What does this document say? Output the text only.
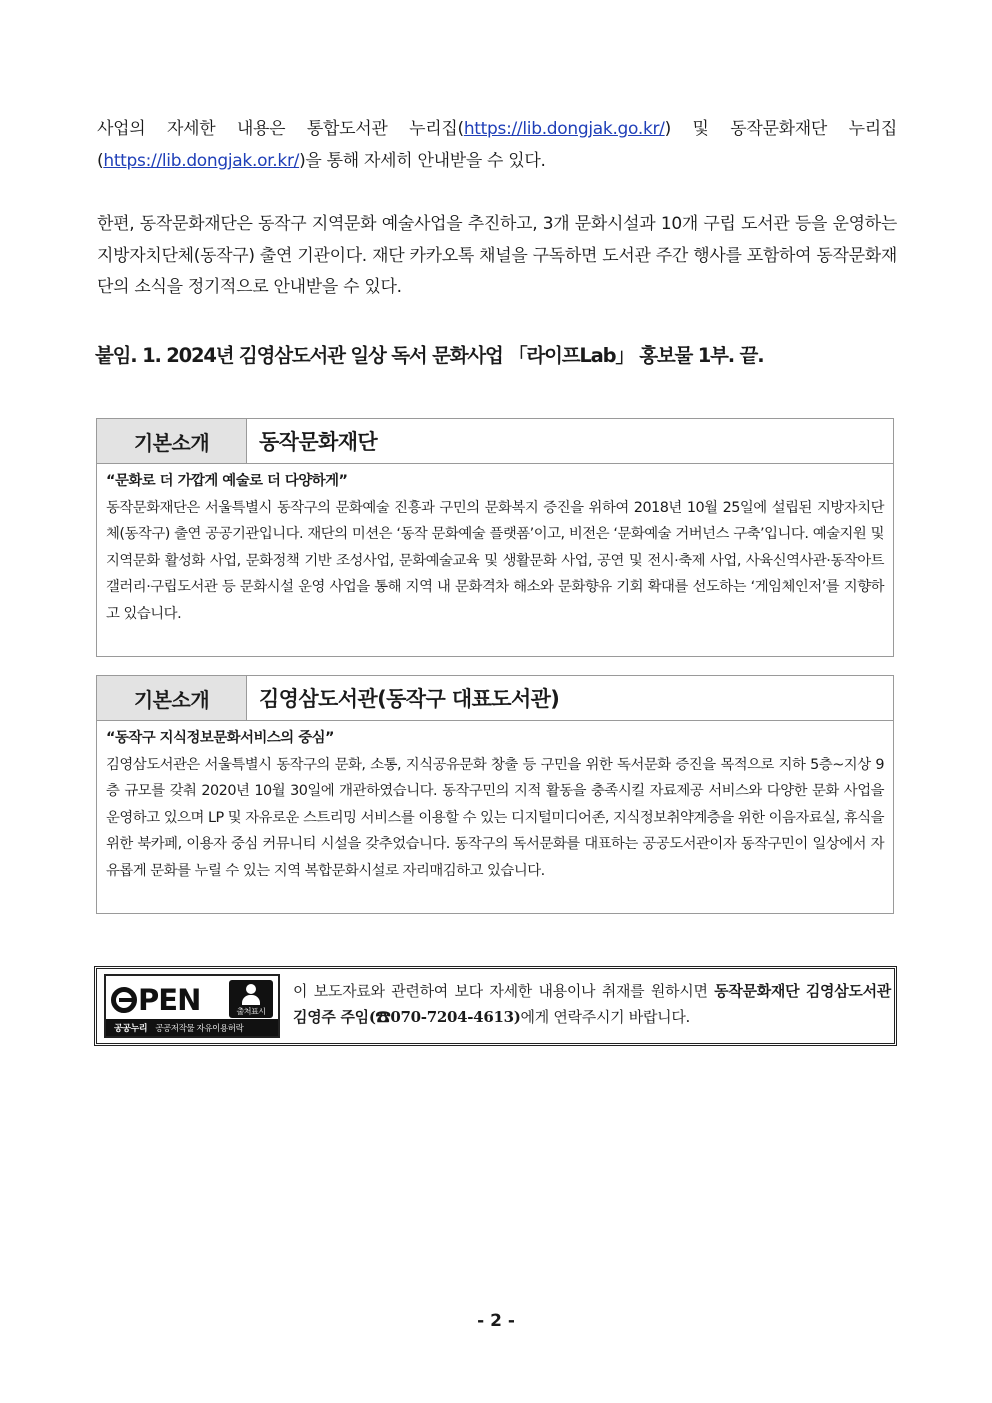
사업의 자세한 내용은 통합도서관 누리집(https://lib.dongjak.go.kr/) 및 동작문화재단 누리집 (https://lib.dongjak.or.kr/)을 통해 자세히 안내받을 수 있다.
한편, 동작문화재단은 동작구 지역문화 예술사업을 추진하고, 3개 문화시설과 10개 구립 도서관 등을 운영하는 지방자치단체(동작구) 출연 기관이다. 재단 카카오톡 채널을 구독하면 도서관 주간 행사를 포함하여 동작문화재단의 소식을 정기적으로 안내받을 수 있다.
붙임. 1. 2024년 김영삼도서관 일상 독서 문화사업 「라이프Lab」 홍보물 1부. 끝.
기본소개	동작문화재단
“문화로 더 가깝게 예술로 더 다양하게”
동작문화재단은 서울특별시 동작구의 문화예술 진흥과 구민의 문화복지 증진을 위하여 2018년 10월 25일에 설립된 지방자치단체(동작구) 출연 공공기관입니다. 재단의 미션은 ‘동작 문화예술 플랫폼’이고, 비전은 ‘문화예술 거버넌스 구축’입니다. 예술지원 및 지역문화 활성화 사업, 문화정책 기반 조성사업, 문화예술교육 및 생활문화 사업, 공연 및 전시·축제 사업, 사육신역사관·동작아트갤러리·구립도서관 등 문화시설 운영 사업을 통해 지역 내 문화격차 해소와 문화향유 기회 확대를 선도하는 ‘게임체인저’를 지향하고 있습니다.
기본소개	김영삼도서관(동작구 대표도서관)
“동작구 지식정보문화서비스의 중심”
김영삼도서관은 서울특별시 동작구의 문화, 소통, 지식공유문화 창출 등 구민을 위한 독서문화 증진을 목적으로 지하 5층~지상 9층 규모를 갖춰 2020년 10월 30일에 개관하였습니다. 동작구민의 지적 활동을 충족시킬 자료제공 서비스와 다양한 문화 사업을 운영하고 있으며 LP 및 자유로운 스트리밍 서비스를 이용할 수 있는 디지털미디어존, 지식정보취약계층을 위한 이음자료실, 휴식을 위한 북카페, 이용자 중심 커뮤니티 시설을 갖추었습니다. 동작구의 독서문화를 대표하는 공공도서관이자 동작구민이 일상에서 자유롭게 문화를 누릴 수 있는 지역 복합문화시설로 자리매김하고 있습니다.
PEN	출처표시
공공누리 공공저작물 자유이용허락
이 보도자료와 관련하여 보다 자세한 내용이나 취재를 원하시면 동작문화재단 김영삼도서관 김영주 주임(☎070-7204-4613)에게 연락주시기 바랍니다.
- 2 -
